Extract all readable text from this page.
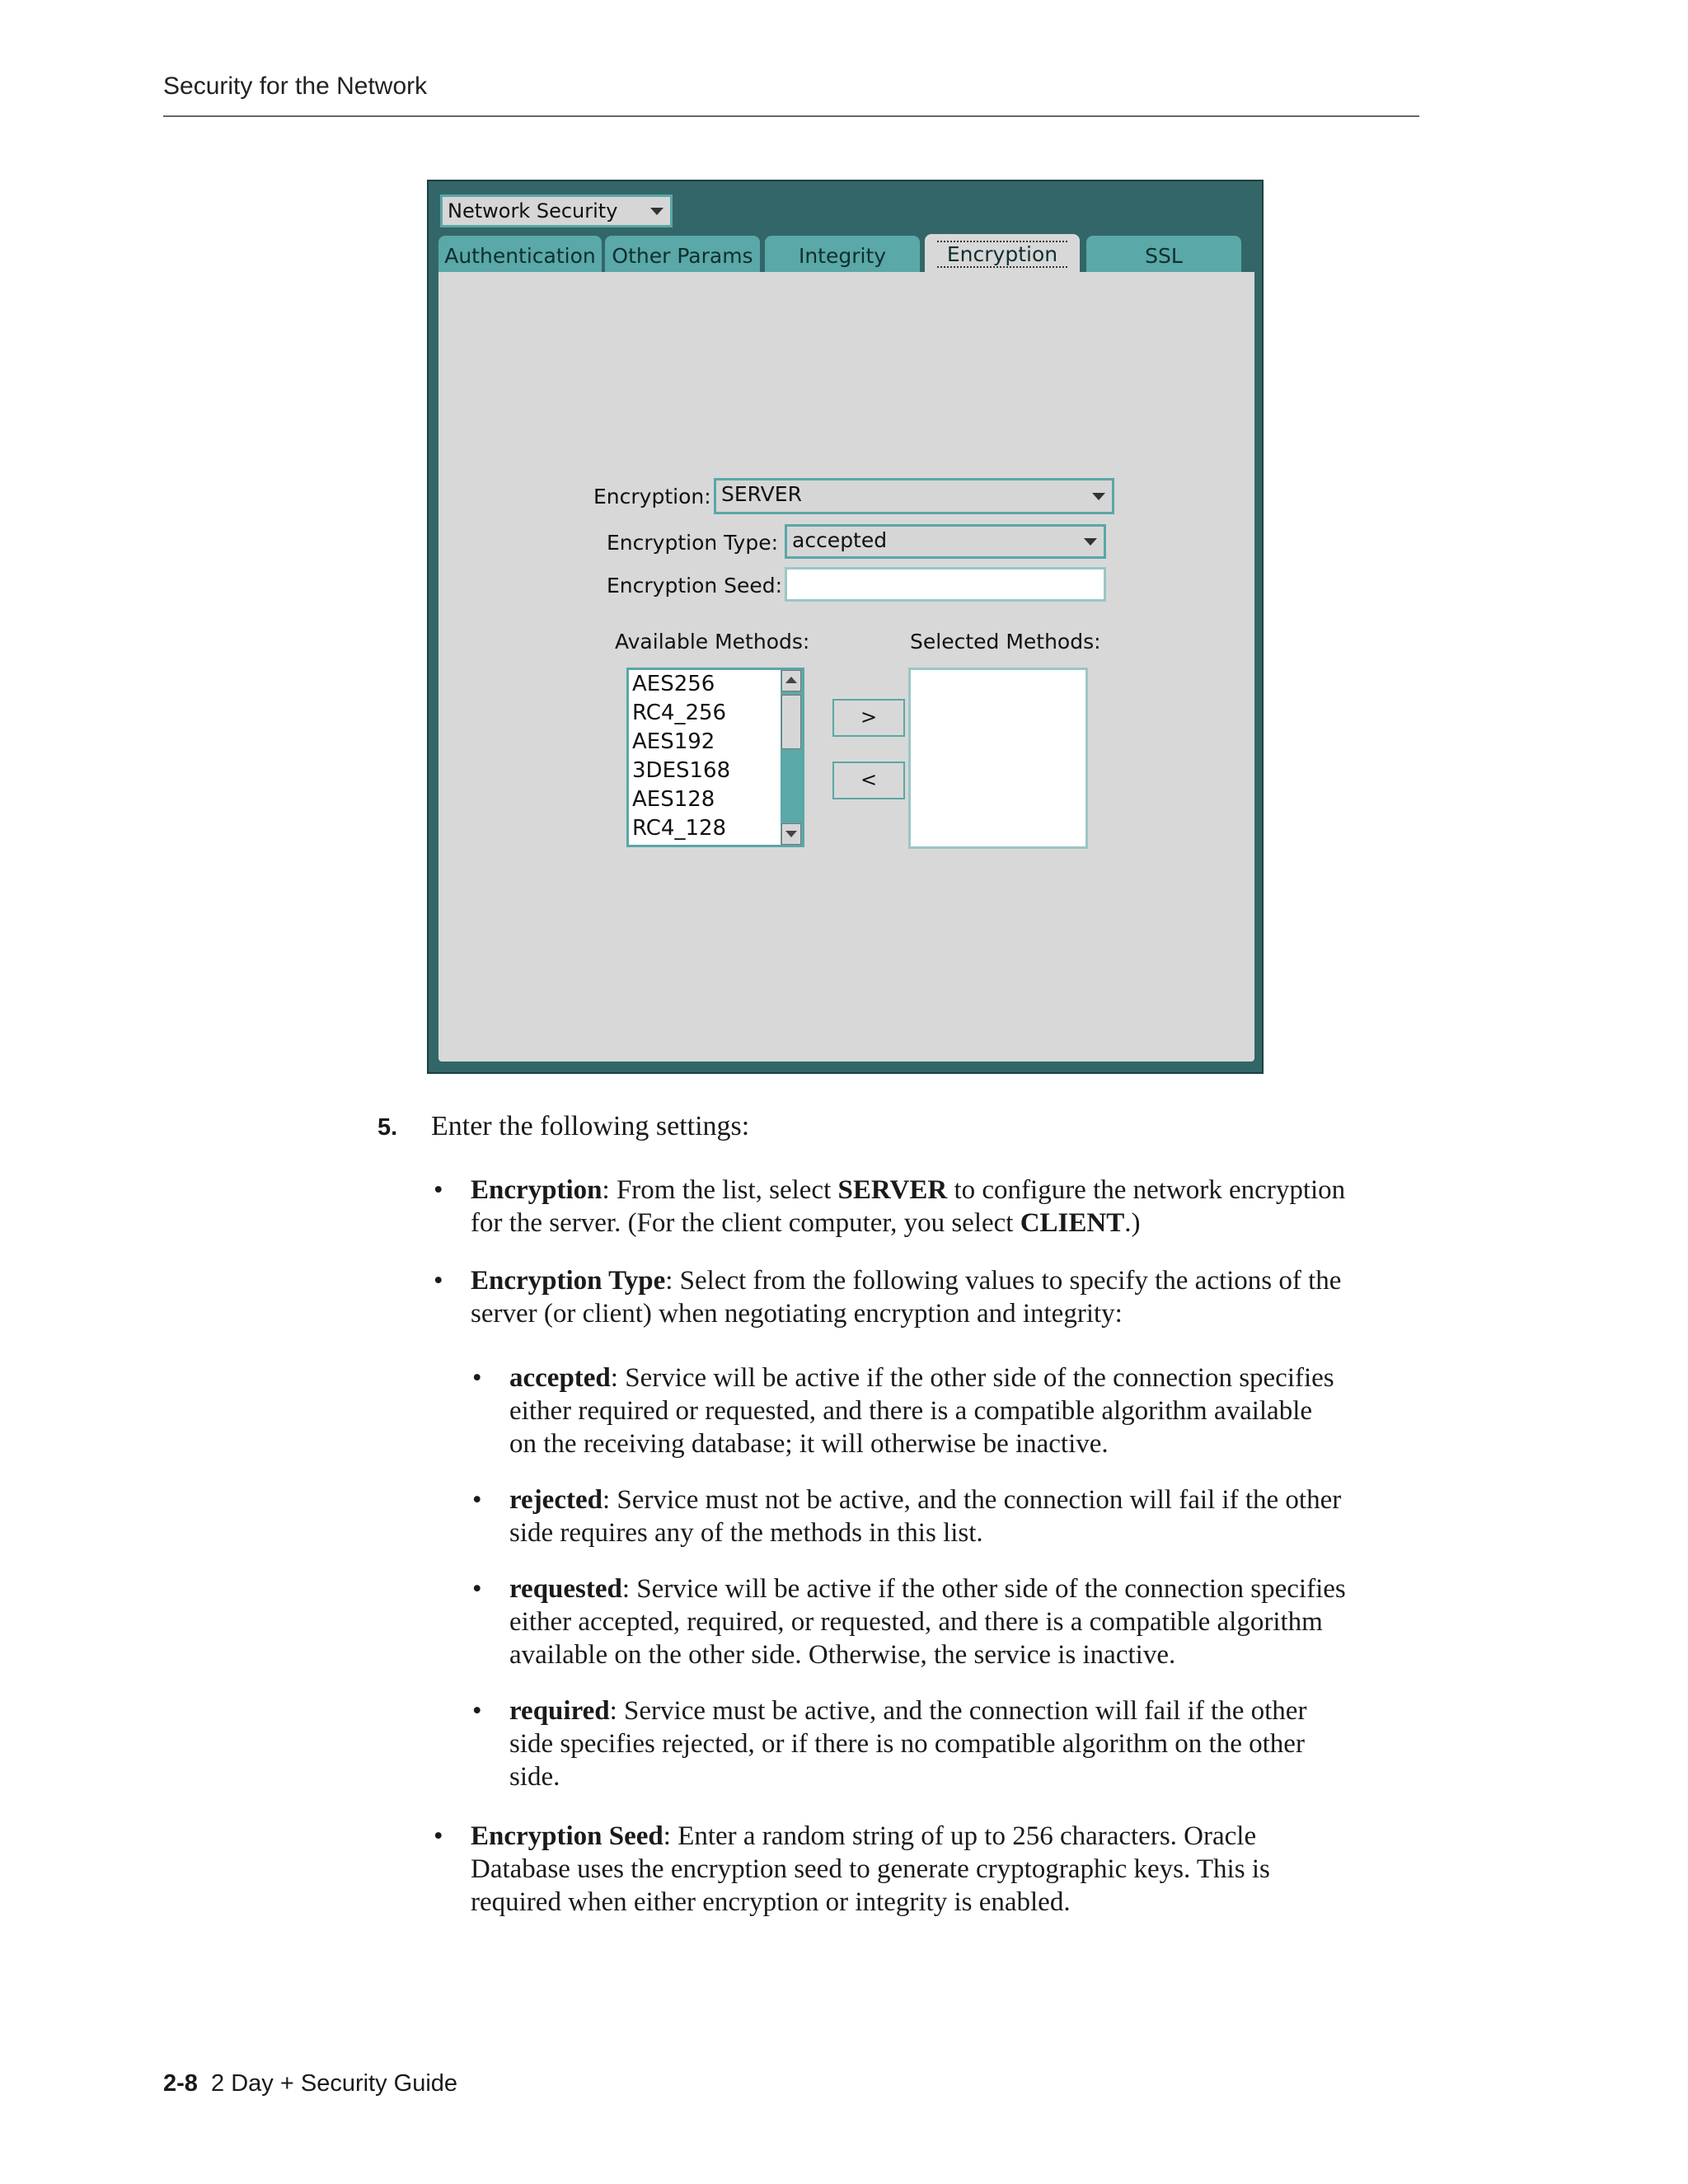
Security for the Network
Network Security
Authentication Other Params	Integrity	Encryption	SSL
Encryption: SERVER
Encryption Type: accepted
Encryption Seed:
Available Methods:	Selected Methods:
AES256
RC4_256
AES192
3DES168
AES128
RC4_128
>
<
5. Enter the following settings:
• Encryption: From the list, select SERVER to configure the network encryption
for the server. (For the client computer, you select CLIENT.)
• Encryption Type: Select from the following values to specify the actions of the
server (or client) when negotiating encryption and integrity:
• accepted: Service will be active if the other side of the connection specifies
either required or requested, and there is a compatible algorithm available
on the receiving database; it will otherwise be inactive.
• rejected: Service must not be active, and the connection will fail if the other
side requires any of the methods in this list.
• requested: Service will be active if the other side of the connection specifies
either accepted, required, or requested, and there is a compatible algorithm
available on the other side. Otherwise, the service is inactive.
• required: Service must be active, and the connection will fail if the other
side specifies rejected, or if there is no compatible algorithm on the other
side.
• Encryption Seed: Enter a random string of up to 256 characters. Oracle
Database uses the encryption seed to generate cryptographic keys. This is
required when either encryption or integrity is enabled.
2-8 2 Day + Security Guide
